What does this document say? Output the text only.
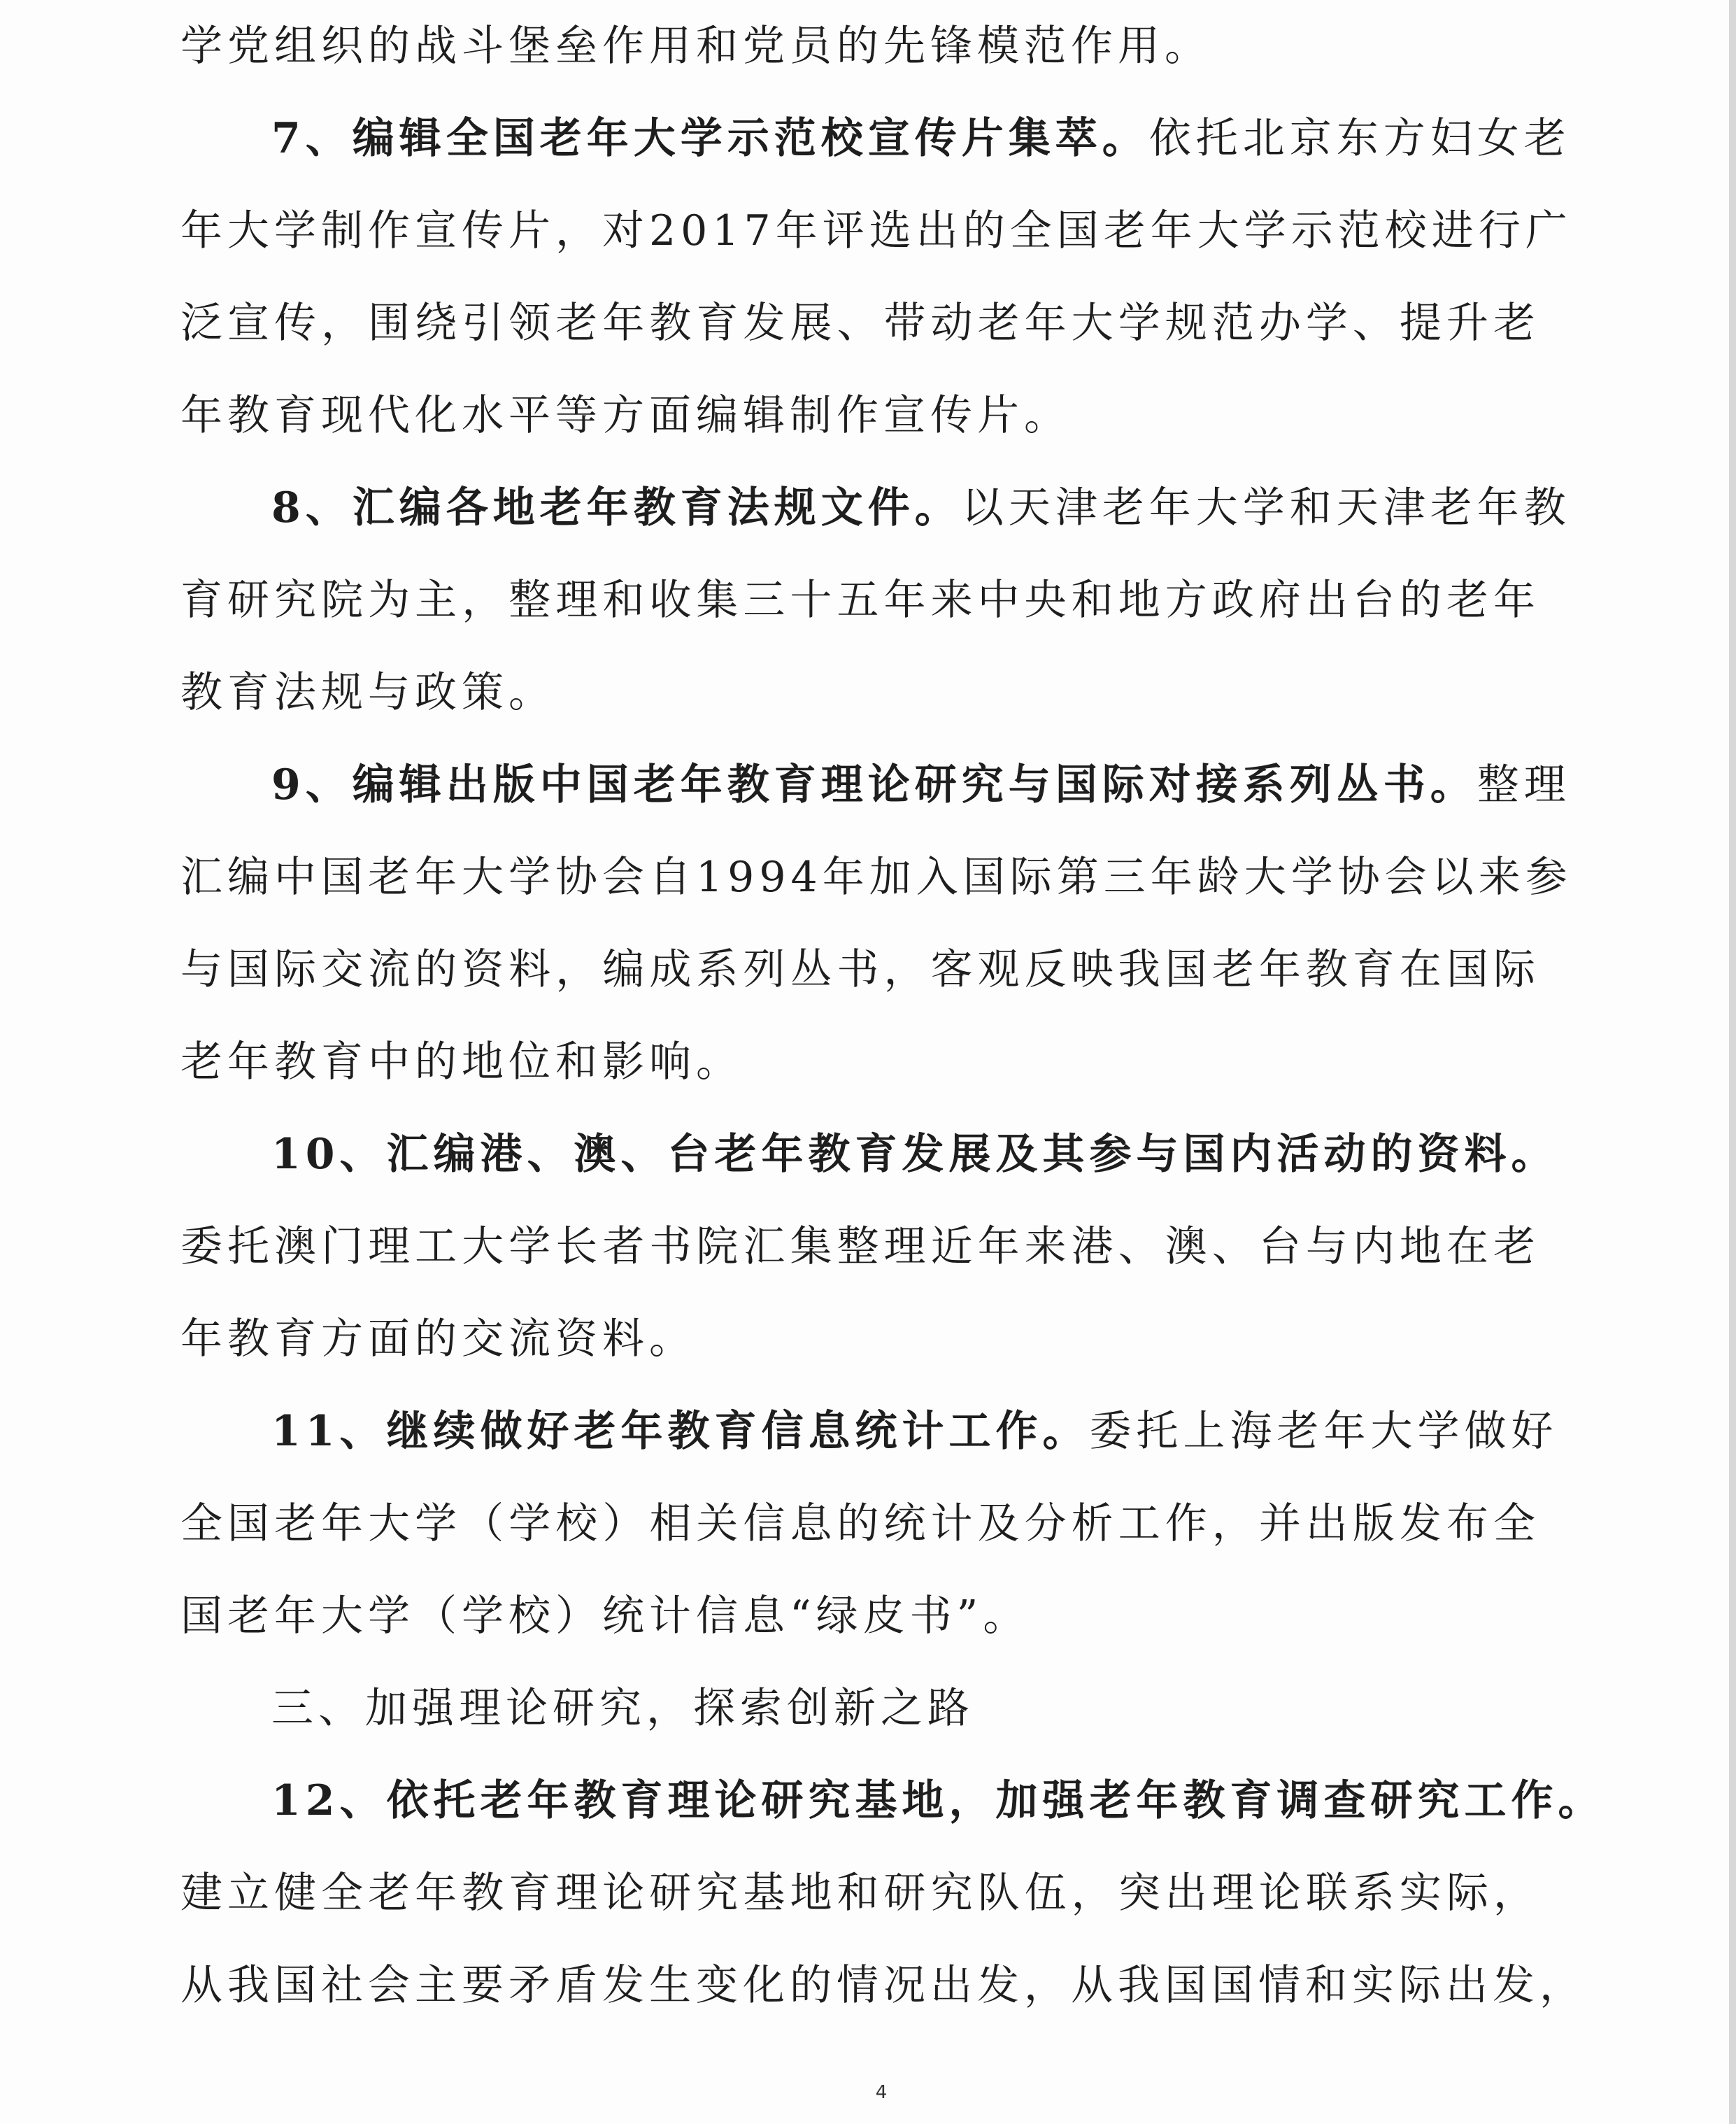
学党组织的战斗堡垒作用和党员的先锋模范作用。
7、编辑全国老年大学示范校宣传片集萃。依托北京东方妇女老
年大学制作宣传片，对2017年评选出的全国老年大学示范校进行广
泛宣传，围绕引领老年教育发展、带动老年大学规范办学、提升老
年教育现代化水平等方面编辑制作宣传片。
8、汇编各地老年教育法规文件。以天津老年大学和天津老年教
育研究院为主，整理和收集三十五年来中央和地方政府出台的老年
教育法规与政策。
9、编辑出版中国老年教育理论研究与国际对接系列丛书。整理
汇编中国老年大学协会自1994年加入国际第三年龄大学协会以来参
与国际交流的资料，编成系列丛书，客观反映我国老年教育在国际
老年教育中的地位和影响。
10、汇编港、澳、台老年教育发展及其参与国内活动的资料。
委托澳门理工大学长者书院汇集整理近年来港、澳、台与内地在老
年教育方面的交流资料。
11、继续做好老年教育信息统计工作。委托上海老年大学做好
全国老年大学（学校）相关信息的统计及分析工作，并出版发布全
国老年大学（学校）统计信息“绿皮书”。
三、加强理论研究，探索创新之路
12、依托老年教育理论研究基地，加强老年教育调查研究工作。
建立健全老年教育理论研究基地和研究队伍，突出理论联系实际，
从我国社会主要矛盾发生变化的情况出发，从我国国情和实际出发，
4
